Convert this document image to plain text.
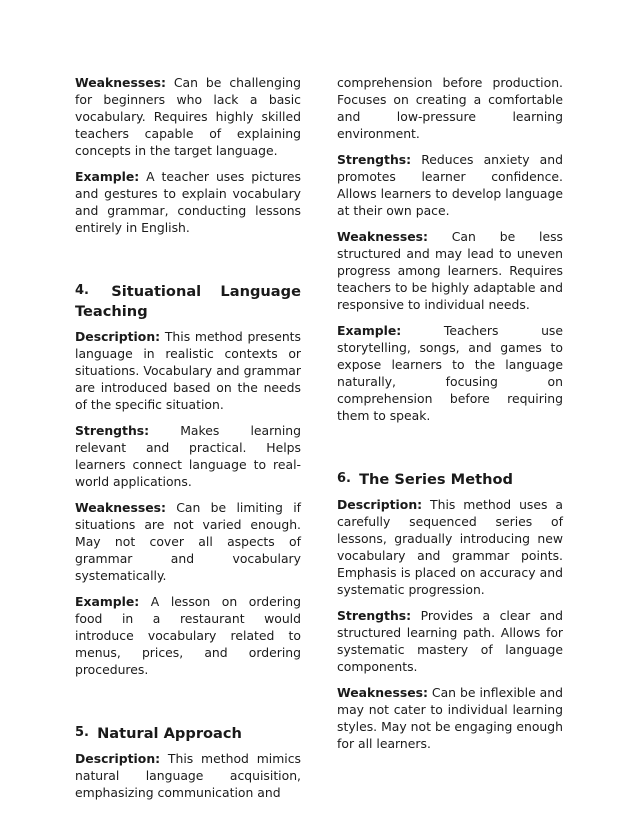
Weaknesses: Can be challenging for beginners who lack a basic vocabulary. Requires highly skilled teachers capable of explaining concepts in the target language.

Example: A teacher uses pictures and gestures to explain vocabulary and grammar, conducting lessons entirely in English.

4. Situational Language Teaching

Description: This method presents language in realistic contexts or situations. Vocabulary and grammar are introduced based on the needs of the specific situation.

Strengths: Makes learning relevant and practical. Helps learners connect language to real-world applications.

Weaknesses: Can be limiting if situations are not varied enough. May not cover all aspects of grammar and vocabulary systematically.

Example: A lesson on ordering food in a restaurant would introduce vocabulary related to menus, prices, and ordering procedures.

5. Natural Approach

Description: This method mimics natural language acquisition, emphasizing communication and

comprehension before production. Focuses on creating a comfortable and low-pressure learning environment.

Strengths: Reduces anxiety and promotes learner confidence. Allows learners to develop language at their own pace.

Weaknesses: Can be less structured and may lead to uneven progress among learners. Requires teachers to be highly adaptable and responsive to individual needs.

Example: Teachers use storytelling, songs, and games to expose learners to the language naturally, focusing on comprehension before requiring them to speak.

6. The Series Method

Description: This method uses a carefully sequenced series of lessons, gradually introducing new vocabulary and grammar points. Emphasis is placed on accuracy and systematic progression.

Strengths: Provides a clear and structured learning path. Allows for systematic mastery of language components.

Weaknesses: Can be inflexible and may not cater to individual learning styles. May not be engaging enough for all learners.
